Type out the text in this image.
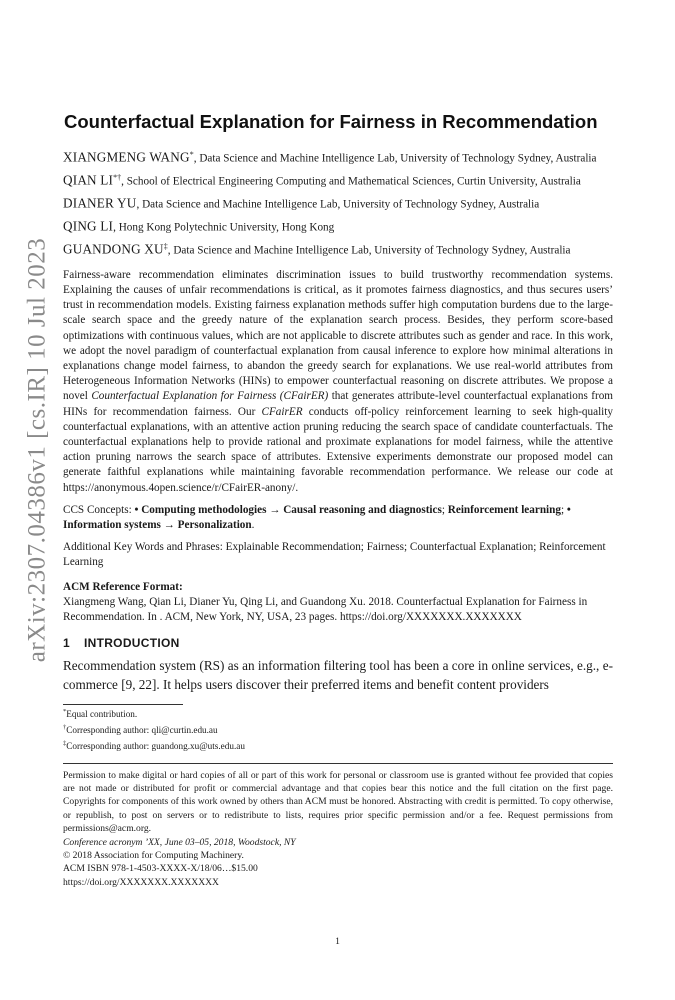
arXiv:2307.04386v1 [cs.IR] 10 Jul 2023
Counterfactual Explanation for Fairness in Recommendation
XIANGMENG WANG*, Data Science and Machine Intelligence Lab, University of Technology Sydney, Australia
QIAN LI*†, School of Electrical Engineering Computing and Mathematical Sciences, Curtin University, Australia
DIANER YU, Data Science and Machine Intelligence Lab, University of Technology Sydney, Australia
QING LI, Hong Kong Polytechnic University, Hong Kong
GUANDONG XU‡, Data Science and Machine Intelligence Lab, University of Technology Sydney, Australia
Fairness-aware recommendation eliminates discrimination issues to build trustworthy recommendation systems. Explaining the causes of unfair recommendations is critical, as it promotes fairness diagnostics, and thus secures users’ trust in recommendation models. Existing fairness explanation methods suffer high computation burdens due to the large-scale search space and the greedy nature of the explanation search process. Besides, they perform score-based optimizations with continuous values, which are not applicable to discrete attributes such as gender and race. In this work, we adopt the novel paradigm of counterfactual explanation from causal inference to explore how minimal alterations in explanations change model fairness, to abandon the greedy search for explanations. We use real-world attributes from Heterogeneous Information Networks (HINs) to empower counterfactual reasoning on discrete attributes. We propose a novel Counterfactual Explanation for Fairness (CFairER) that generates attribute-level counterfactual explanations from HINs for recommendation fairness. Our CFairER conducts off-policy reinforcement learning to seek high-quality counterfactual explanations, with an attentive action pruning reducing the search space of candidate counterfactuals. The counterfactual explanations help to provide rational and proximate explanations for model fairness, while the attentive action pruning narrows the search space of attributes. Extensive experiments demonstrate our proposed model can generate faithful explanations while maintaining favorable recommendation performance. We release our code at https://anonymous.4open.science/r/CFairER-anony/.
CCS Concepts: • Computing methodologies → Causal reasoning and diagnostics; Reinforcement learning; • Information systems → Personalization.
Additional Key Words and Phrases: Explainable Recommendation; Fairness; Counterfactual Explanation; Reinforcement Learning
ACM Reference Format:
Xiangmeng Wang, Qian Li, Dianer Yu, Qing Li, and Guandong Xu. 2018. Counterfactual Explanation for Fairness in Recommendation. In . ACM, New York, NY, USA, 23 pages. https://doi.org/XXXXXXX.XXXXXXX
1 INTRODUCTION
Recommendation system (RS) as an information filtering tool has been a core in online services, e.g., e-commerce [9, 22]. It helps users discover their preferred items and benefit content providers
*Equal contribution.
†Corresponding author: qli@curtin.edu.au
‡Corresponding author: guandong.xu@uts.edu.au
Permission to make digital or hard copies of all or part of this work for personal or classroom use is granted without fee provided that copies are not made or distributed for profit or commercial advantage and that copies bear this notice and the full citation on the first page. Copyrights for components of this work owned by others than ACM must be honored. Abstracting with credit is permitted. To copy otherwise, or republish, to post on servers or to redistribute to lists, requires prior specific permission and/or a fee. Request permissions from permissions@acm.org.
Conference acronym ’XX, June 03–05, 2018, Woodstock, NY
© 2018 Association for Computing Machinery.
ACM ISBN 978-1-4503-XXXX-X/18/06…$15.00
https://doi.org/XXXXXXX.XXXXXXX
1
